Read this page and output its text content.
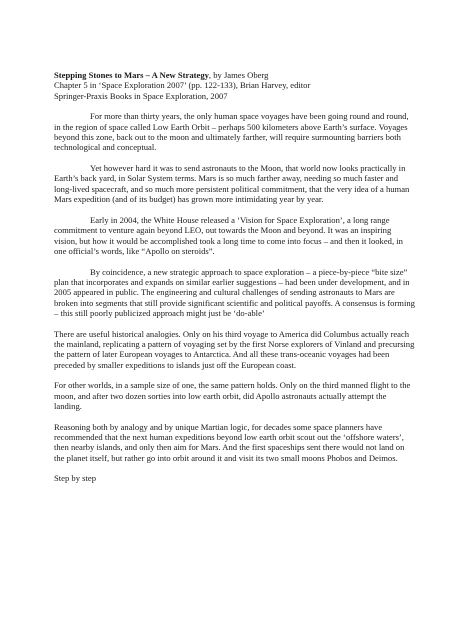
Stepping Stones to Mars – A New Strategy, by James Oberg

Chapter 5 in ‘Space Exploration 2007’ (pp. 122-133), Brian Harvey, editor

Springer-Praxis Books in Space Exploration, 2007

For more than thirty years, the only human space voyages have been going round and round, in the region of space called Low Earth Orbit – perhaps 500 kilometers above Earth’s surface. Voyages beyond this zone, back out to the moon and ultimately farther, will require surmounting barriers both technological and conceptual.

Yet however hard it was to send astronauts to the Moon, that world now looks practically in Earth’s back yard, in Solar System terms. Mars is so much farther away, needing so much faster and long-lived spacecraft, and so much more persistent political commitment, that the very idea of a human Mars expedition (and of its budget) has grown more intimidating year by year.

Early in 2004, the White House released a ‘Vision for Space Exploration’, a long range commitment to venture again beyond LEO, out towards the Moon and beyond. It was an inspiring vision, but how it would be accomplished took a long time to come into focus – and then it looked, in one official’s words, like “Apollo on steroids”.

By coincidence, a new strategic approach to space exploration – a piece-by-piece “bite size” plan that incorporates and expands on similar earlier suggestions – had been under development, and in 2005 appeared in public. The engineering and cultural challenges of sending astronauts to Mars are broken into segments that still provide significant scientific and political payoffs. A consensus is forming – this still poorly publicized approach might just be ‘do-able’

There are useful historical analogies. Only on his third voyage to America did Columbus actually reach the mainland, replicating a pattern of voyaging set by the first Norse explorers of Vinland and precursing the pattern of later European voyages to Antarctica. And all these trans-oceanic voyages had been preceded by smaller expeditions to islands just off the European coast.

For other worlds, in a sample size of one, the same pattern holds. Only on the third manned flight to the moon, and after two dozen sorties into low earth orbit, did Apollo astronauts actually attempt the landing.

Reasoning both by analogy and by unique Martian logic, for decades some space planners have recommended that the next human expeditions beyond low earth orbit scout out the ‘offshore waters’, then nearby islands, and only then aim for Mars. And the first spaceships sent there would not land on the planet itself, but rather go into orbit around it and visit its two small moons Phobos and Deimos.

Step by step
